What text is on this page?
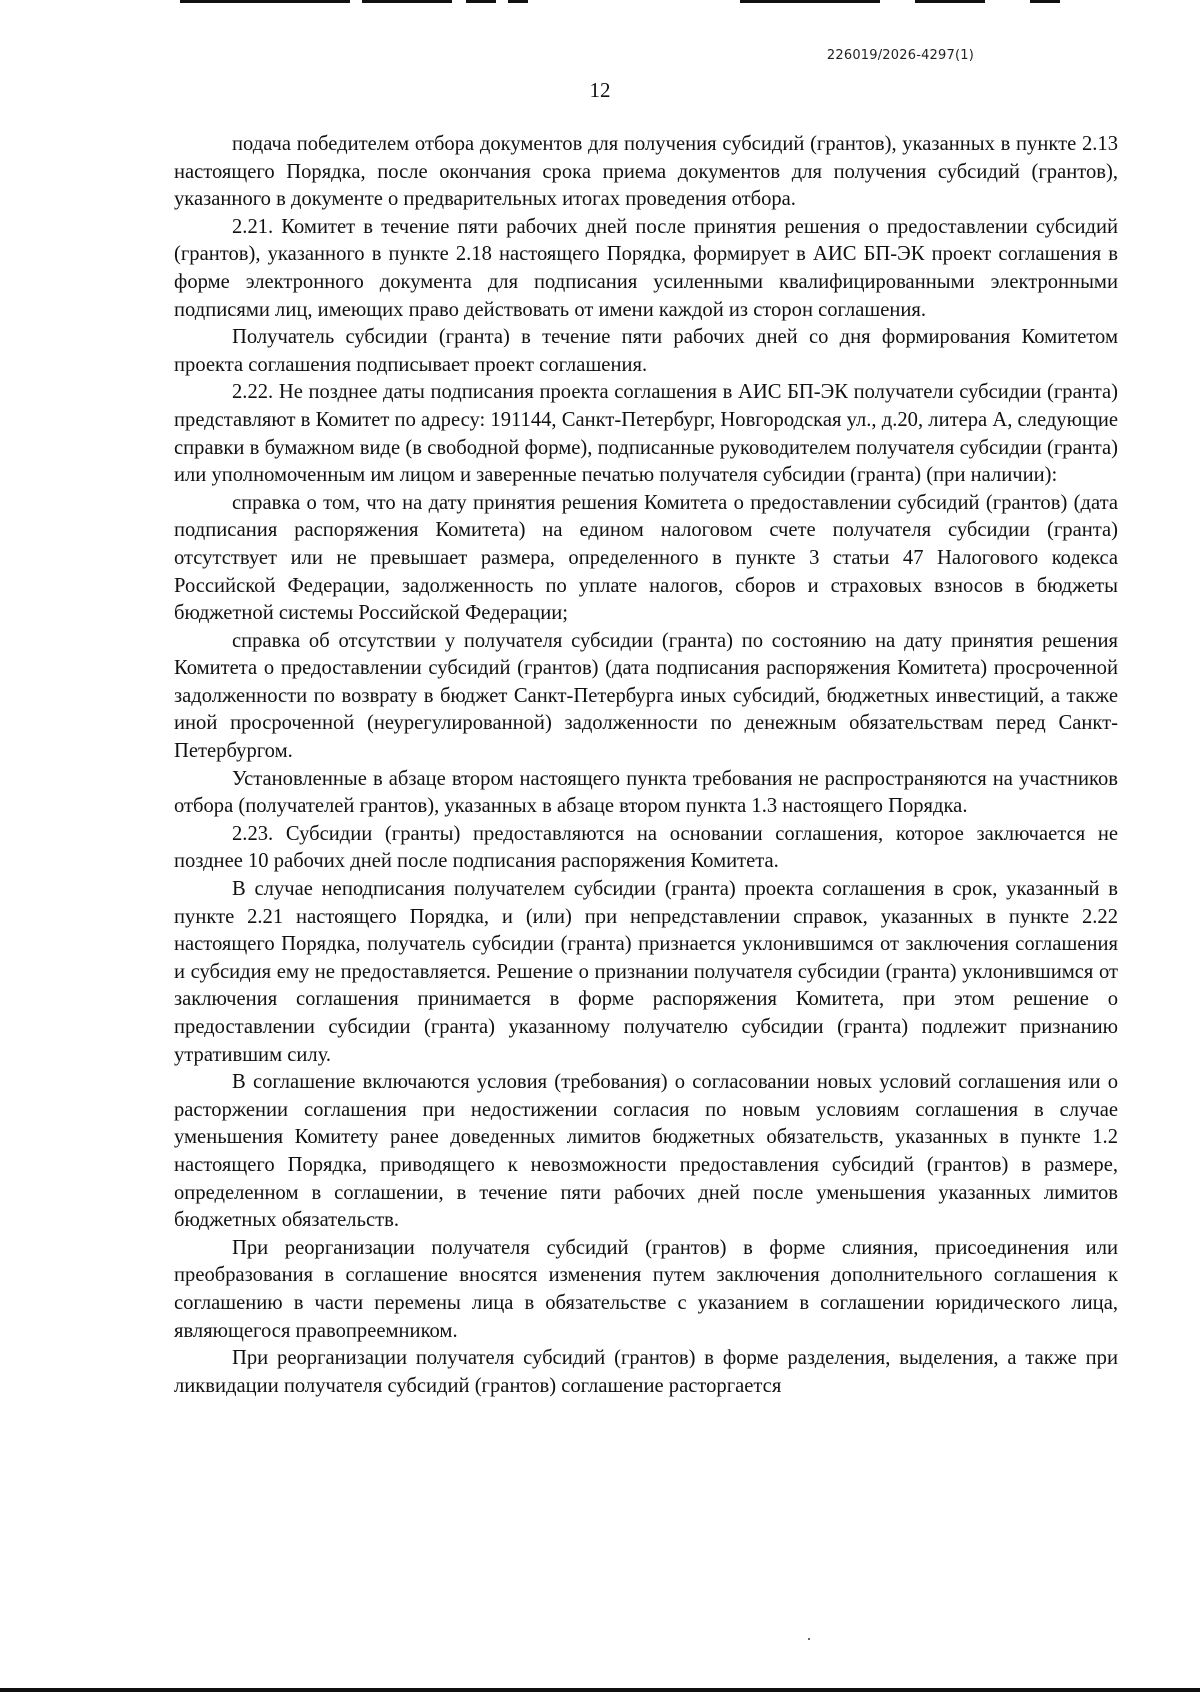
226019/2026-4297(1)
12

подача победителем отбора документов для получения субсидий (грантов), указанных в пункте 2.13 настоящего Порядка, после окончания срока приема документов для получения субсидий (грантов), указанного в документе о предварительных итогах проведения отбора.

2.21. Комитет в течение пяти рабочих дней после принятия решения о предоставлении субсидий (грантов), указанного в пункте 2.18 настоящего Порядка, формирует в АИС БП-ЭК проект соглашения в форме электронного документа для подписания усиленными квалифицированными электронными подписями лиц, имеющих право действовать от имени каждой из сторон соглашения.

Получатель субсидии (гранта) в течение пяти рабочих дней со дня формирования Комитетом проекта соглашения подписывает проект соглашения.

2.22. Не позднее даты подписания проекта соглашения в АИС БП-ЭК получатели субсидии (гранта) представляют в Комитет по адресу: 191144, Санкт-Петербург, Новгородская ул., д.20, литера А, следующие справки в бумажном виде (в свободной форме), подписанные руководителем получателя субсидии (гранта) или уполномоченным им лицом и заверенные печатью получателя субсидии (гранта) (при наличии):

справка о том, что на дату принятия решения Комитета о предоставлении субсидий (грантов) (дата подписания распоряжения Комитета) на едином налоговом счете получателя субсидии (гранта) отсутствует или не превышает размера, определенного в пункте 3 статьи 47 Налогового кодекса Российской Федерации, задолженность по уплате налогов, сборов и страховых взносов в бюджеты бюджетной системы Российской Федерации;

справка об отсутствии у получателя субсидии (гранта) по состоянию на дату принятия решения Комитета о предоставлении субсидий (грантов) (дата подписания распоряжения Комитета) просроченной задолженности по возврату в бюджет Санкт-Петербурга иных субсидий, бюджетных инвестиций, а также иной просроченной (неурегулированной) задолженности по денежным обязательствам перед Санкт-Петербургом.

Установленные в абзаце втором настоящего пункта требования не распространяются на участников отбора (получателей грантов), указанных в абзаце втором пункта 1.3 настоящего Порядка.

2.23. Субсидии (гранты) предоставляются на основании соглашения, которое заключается не позднее 10 рабочих дней после подписания распоряжения Комитета.

В случае неподписания получателем субсидии (гранта) проекта соглашения в срок, указанный в пункте 2.21 настоящего Порядка, и (или) при непредставлении справок, указанных в пункте 2.22 настоящего Порядка, получатель субсидии (гранта) признается уклонившимся от заключения соглашения и субсидия ему не предоставляется. Решение о признании получателя субсидии (гранта) уклонившимся от заключения соглашения принимается в форме распоряжения Комитета, при этом решение о предоставлении субсидии (гранта) указанному получателю субсидии (гранта) подлежит признанию утратившим силу.

В соглашение включаются условия (требования) о согласовании новых условий соглашения или о расторжении соглашения при недостижении согласия по новым условиям соглашения в случае уменьшения Комитету ранее доведенных лимитов бюджетных обязательств, указанных в пункте 1.2 настоящего Порядка, приводящего к невозможности предоставления субсидий (грантов) в размере, определенном в соглашении, в течение пяти рабочих дней после уменьшения указанных лимитов бюджетных обязательств.

При реорганизации получателя субсидий (грантов) в форме слияния, присоединения или преобразования в соглашение вносятся изменения путем заключения дополнительного соглашения к соглашению в части перемены лица в обязательстве с указанием в соглашении юридического лица, являющегося правопреемником.

При реорганизации получателя субсидий (грантов) в форме разделения, выделения, а также при ликвидации получателя субсидий (грантов) соглашение расторгается
